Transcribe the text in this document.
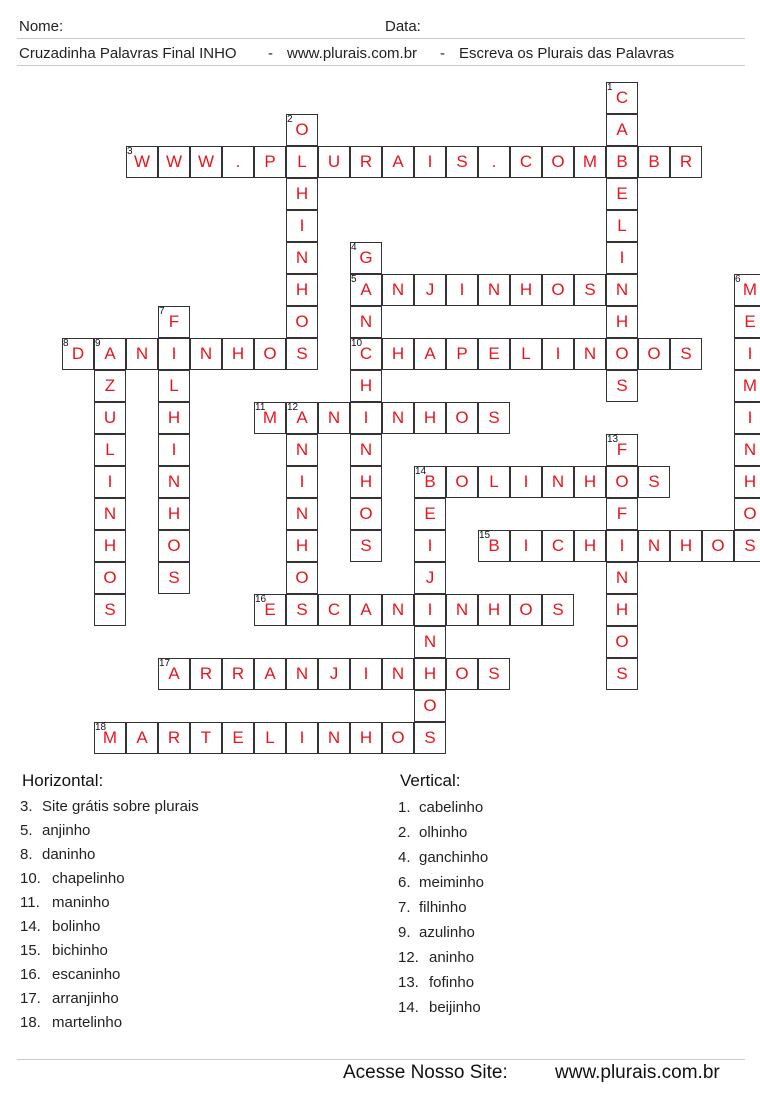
Nome:	Data:
Cruzadinha Palavras Final INHO - www.plurais.com.br - Escreva os Plurais das Palavras
C
A
B
E
L
I
N
H
O
S
O
L
H
I
N
H
O
S
W W W	.	P	U	R	A	I	S	.	C	O	M	B	R
G
A
N
C
H
I
N
H
O
S
N	J	I	N	H	O	S	M
E
I
M
I
N
H
O
S
F
I
L
H
I
N
H
O
S
D	A	N	N	H	O
Z
U
L
I
N
H
O
S
H	A	P	E	L	I	N	O	S
M	A	N	N	H	O	S
N
I
N
H
O
S
F
O
F
I
N
H
O
S
B	O	L	I	N	H	S
E
I
J
I
N
H
O
S
B	I	C	H	N	H	O
E	C	A	N	N	H	O	S
A	R	R	A	N	J	I	N	O	S
M	A	R	T	E	L	I	N	H	O
1
2
3
4
5	6
7
8	9	10
11 12
13
14
15
16
17
18
Horizontal:
3. Site grátis sobre plurais
5. anjinho
8. daninho
10. chapelinho
11. maninho
14. bolinho
15. bichinho
16. escaninho
17. arranjinho
18. martelinho
Vertical:
1. cabelinho
2. olhinho
4. ganchinho
6. meiminho
7. filhinho
9. azulinho
12. aninho
13. fofinho
14. beijinho
Acesse Nosso Site: www.plurais.com.br
